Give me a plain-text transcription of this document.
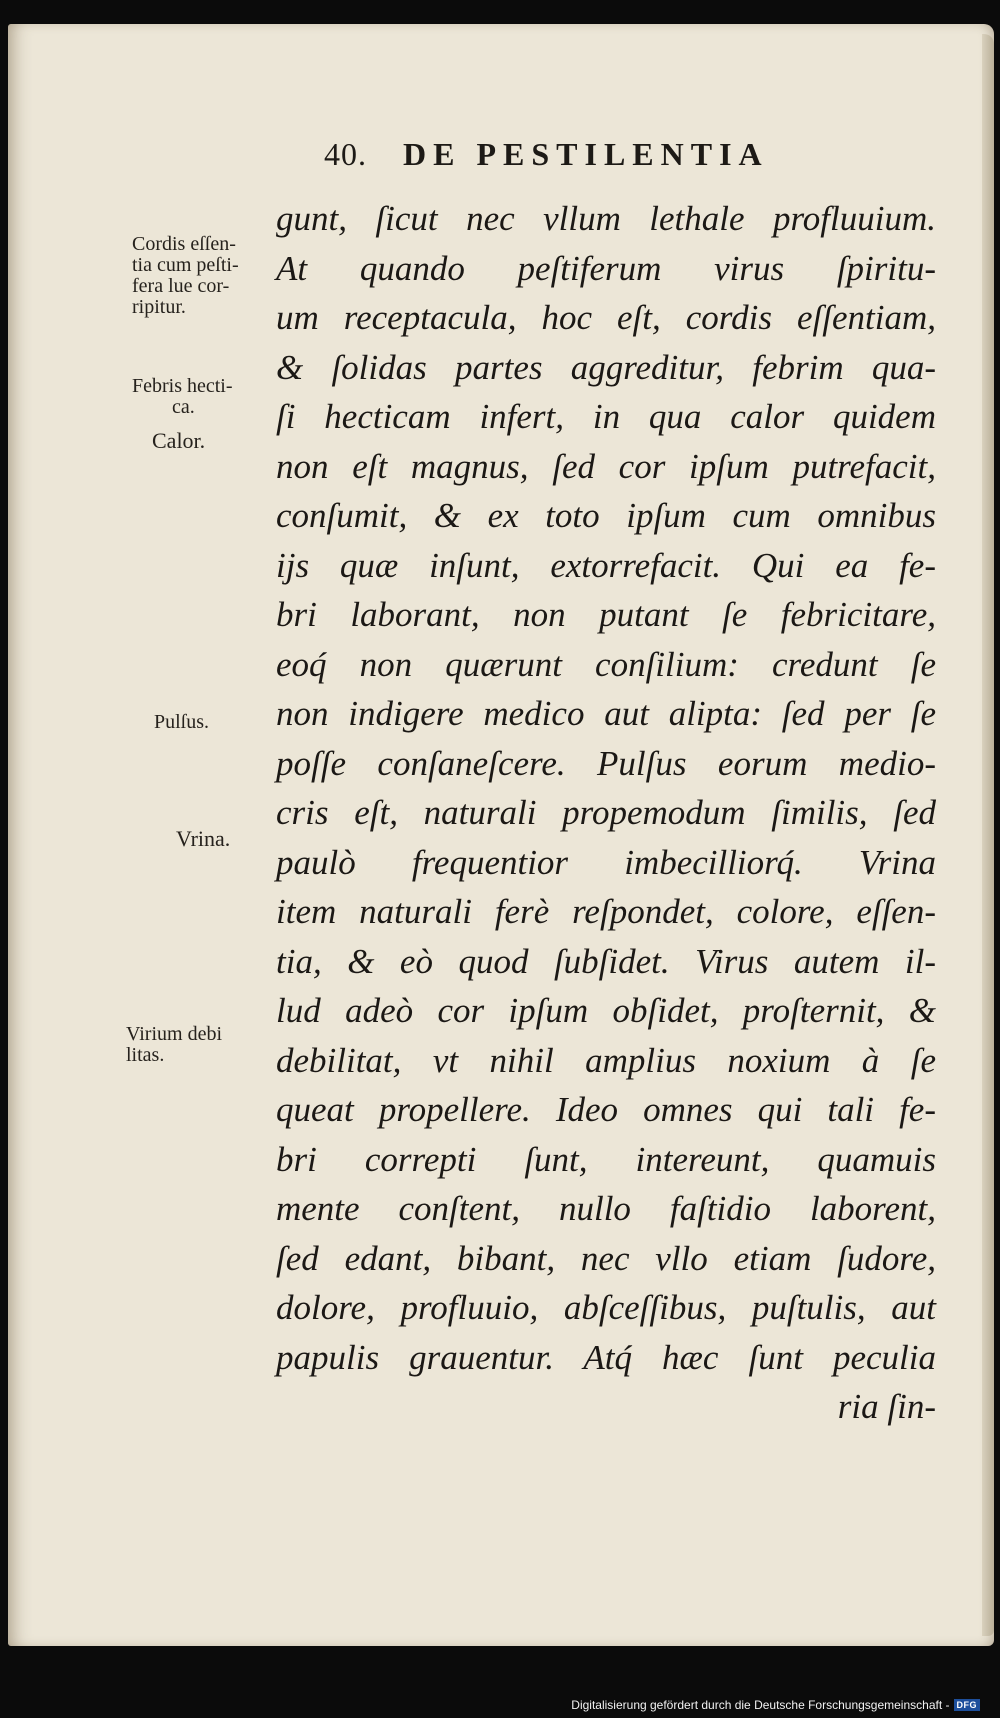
40. DE PESTILENTIA
gunt, ſicut nec vllum lethale profluuium.
At quando peſtiferum virus ſpiritu-
um receptacula, hoc eſt, cordis eſſentiam,
& ſolidas partes aggreditur, febrim qua-
ſi hecticam infert, in qua calor quidem
non eſt magnus, ſed cor ipſum putrefacit,
conſumit, & ex toto ipſum cum omnibus
ijs quæ inſunt, extorrefacit. Qui ea fe-
bri laborant, non putant ſe febricitare,
eoq́ non quærunt conſilium: credunt ſe
non indigere medico aut alipta: ſed per ſe
poſſe conſaneſcere. Pulſus eorum medio-
cris eſt, naturali propemodum ſimilis, ſed
paulò frequentior imbecilliorq́. Vrina
item naturali ferè reſpondet, colore, eſſen-
tia, & eò quod ſubſidet. Virus autem il-
lud adeò cor ipſum obſidet, proſternit, &
debilitat, vt nihil amplius noxium à ſe
queat propellere. Ideo omnes qui tali fe-
bri correpti ſunt, intereunt, quamuis
mente conſtent, nullo faſtidio laborent,
ſed edant, bibant, nec vllo etiam ſudore,
dolore, profluuio, abſceſſibus, puſtulis, aut
papulis grauentur. Atq́ hæc ſunt peculia
ria ſin-
Cordis eſſen-
tia cum peſti-
fera lue cor-
ripitur.
Febris hecti-
ca.
Calor.
Pulſus.
Vrina.
Virium debi
litas.
Digitalisierung gefördert durch die Deutsche Forschungsgemeinschaft - DFG
